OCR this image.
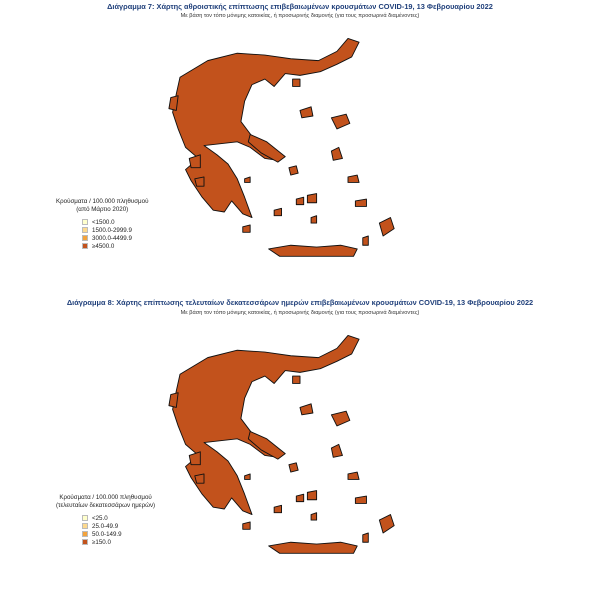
Διάγραμμα 7: Χάρτης αθροιστικής επίπτωσης επιβεβαιωμένων κρουσμάτων COVID-19, 13 Φεβρουαρίου 2022
Με βάση τον τόπο μόνιμης κατοικίας, ή προσωρινής διαμονής (για τους προσωρινά διαμένοντες)
Κρούσματα / 100.000 πληθυσμού
(από Μάρτιο 2020)
<1500.0
1500.0-2999.9
3000.0-4499.9
≥4500.0
Διάγραμμα 8: Χάρτης επίπτωσης τελευταίων δεκατεσσάρων ημερών επιβεβαιωμένων κρουσμάτων COVID-19, 13 Φεβρουαρίου 2022
Με βάση τον τόπο μόνιμης κατοικίας, ή προσωρινής διαμονής (για τους προσωρινά διαμένοντες)
Κρούσματα / 100.000 πληθυσμού
(τελευταίων δεκατεσσάρων ημερών)
<25.0
25.0-49.9
50.0-149.9
≥150.0
